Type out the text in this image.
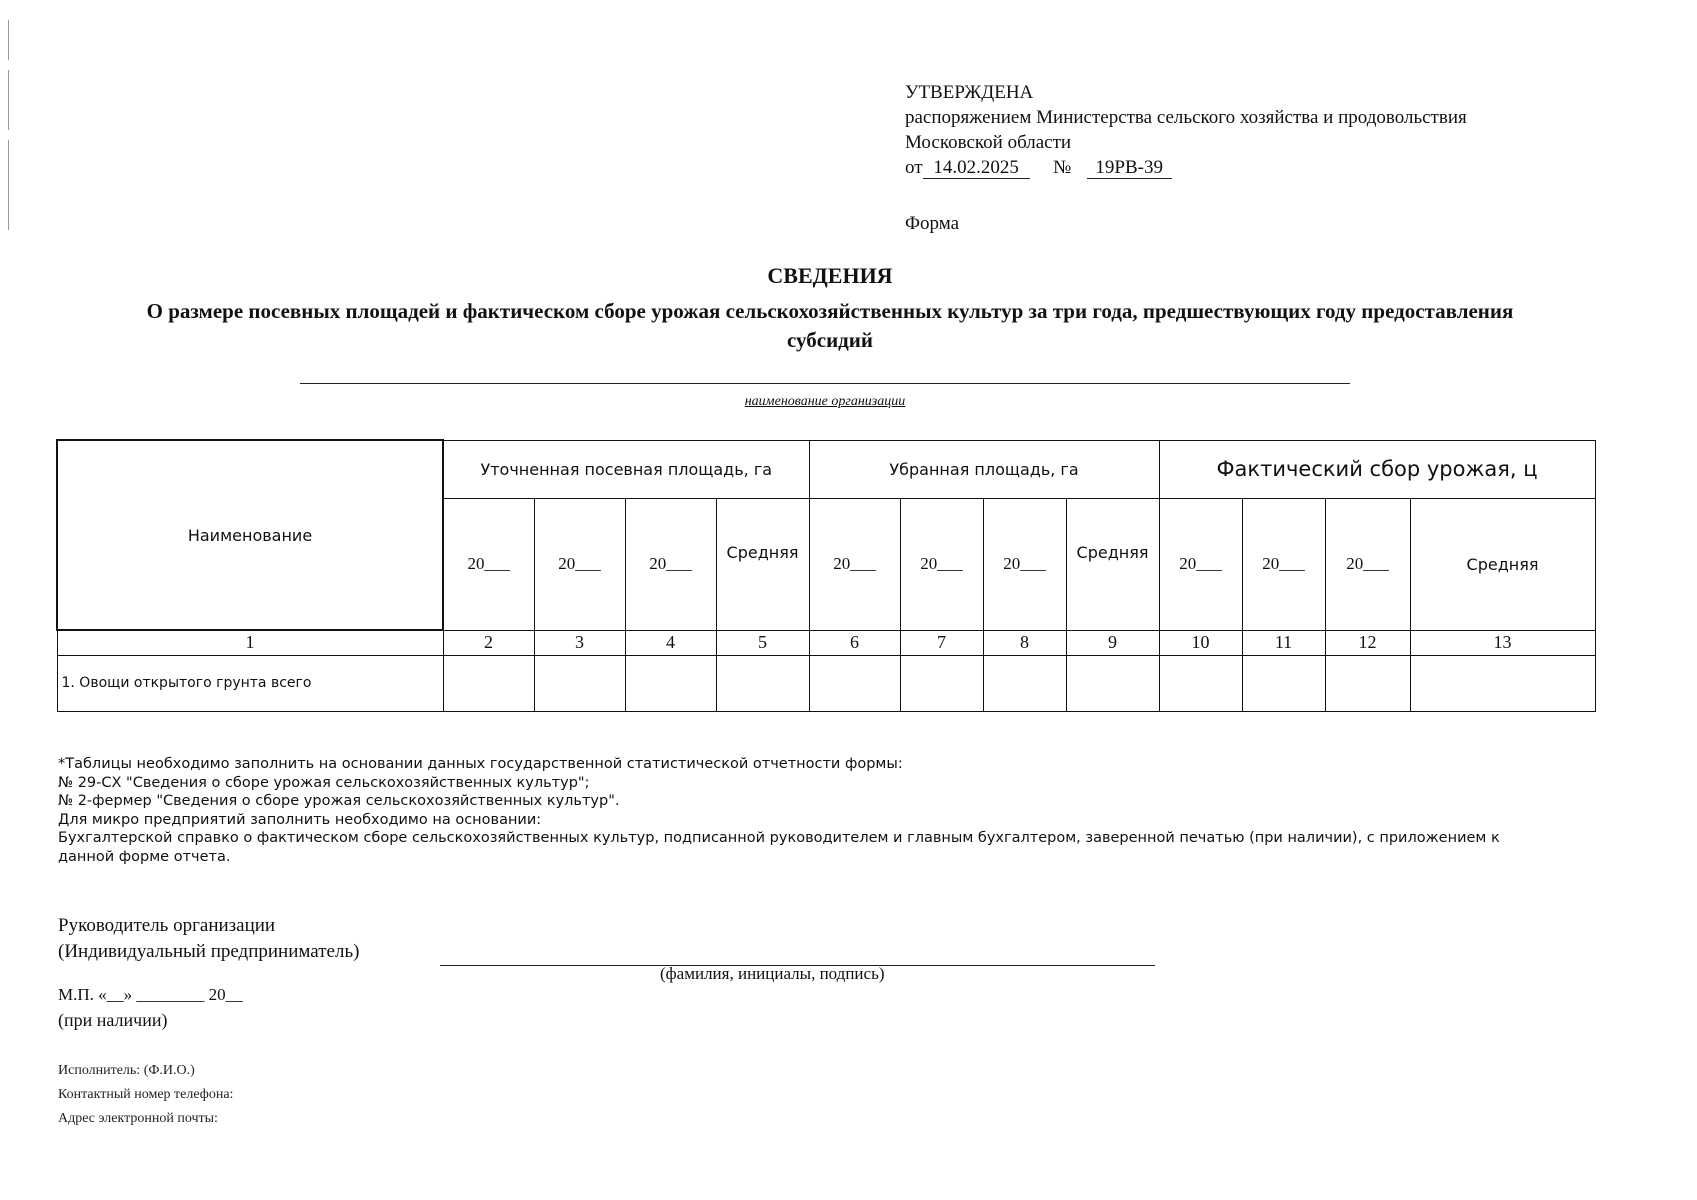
УТВЕРЖДЕНА
распоряжением Министерства сельского хозяйства и продовольствия
Московской области
от 14.02.2025 № 19РВ-39
Форма
СВЕДЕНИЯ
О размере посевных площадей и фактическом сборе урожая сельскохозяйственных культур за три года, предшествующих году предоставления субсидий
наименование организации
Наименование	Уточненная посевная площадь, га				Убранная площадь, га				Фактический сбор урожая, ц			
	20___	20___	20___	Средняя	20___	20___	20___	Средняя	20___	20___	20___	Средняя
1	2	3	4	5	6	7	8	9	10	11	12	13
1. Овощи открытого грунта всего												
*Таблицы необходимо заполнить на основании данных государственной статистической отчетности формы:
№ 29-СХ "Сведения о сборе урожая сельскохозяйственных культур";
№ 2-фермер "Сведения о сборе урожая сельскохозяйственных культур".
Для микро предприятий заполнить необходимо на основании:
Бухгалтерской справко о фактическом сборе сельскохозяйственных культур, подписанной руководителем и главным бухгалтером, заверенной печатью (при наличии), с приложением к
данной форме отчета.
Руководитель организации
(Индивидуальный предприниматель)
(фамилия, инициалы, подпись)
М.П. «__» ________ 20__
(при наличии)
Исполнитель: (Ф.И.О.)
Контактный номер телефона:
Адрес электронной почты:
